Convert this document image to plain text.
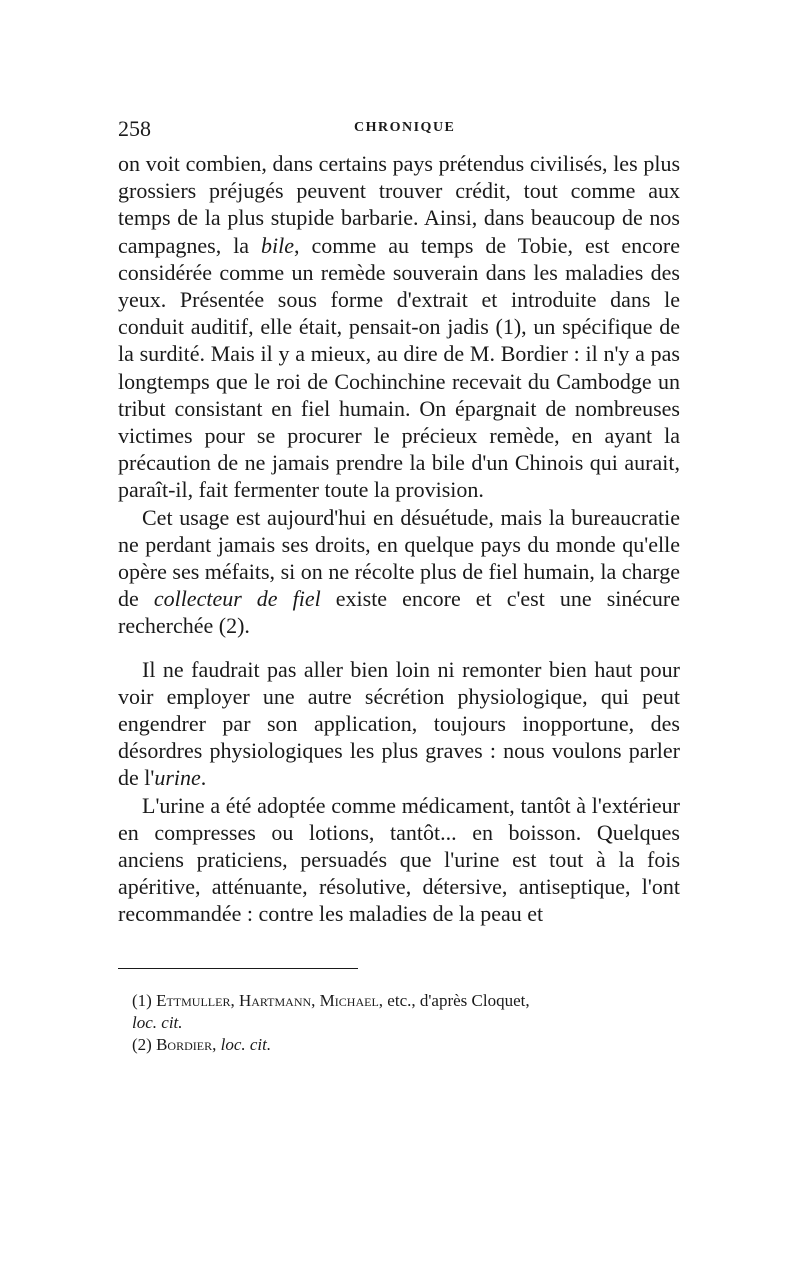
258	CHRONIQUE

on voit combien, dans certains pays prétendus civilisés, les plus grossiers préjugés peuvent trouver crédit, tout comme aux temps de la plus stupide barbarie. Ainsi, dans beaucoup de nos campagnes, la bile, comme au temps de Tobie, est encore considérée comme un remède souverain dans les maladies des yeux. Présentée sous forme d'extrait et introduite dans le conduit auditif, elle était, pensait-on jadis (1), un spécifique de la surdité. Mais il y a mieux, au dire de M. Bordier : il n'y a pas longtemps que le roi de Cochinchine recevait du Cambodge un tribut consistant en fiel humain. On épargnait de nombreuses victimes pour se procurer le précieux remède, en ayant la précaution de ne jamais prendre la bile d'un Chinois qui aurait, paraît-il, fait fermenter toute la provision.

Cet usage est aujourd'hui en désuétude, mais la bureaucratie ne perdant jamais ses droits, en quelque pays du monde qu'elle opère ses méfaits, si on ne récolte plus de fiel humain, la charge de collecteur de fiel existe encore et c'est une sinécure recherchée (2).

Il ne faudrait pas aller bien loin ni remonter bien haut pour voir employer une autre sécrétion physiologique, qui peut engendrer par son application, toujours inopportune, des désordres physiologiques les plus graves : nous voulons parler de l'urine.

L'urine a été adoptée comme médicament, tantôt à l'extérieur en compresses ou lotions, tantôt... en boisson. Quelques anciens praticiens, persuadés que l'urine est tout à la fois apéritive, atténuante, résolutive, détersive, antiseptique, l'ont recommandée : contre les maladies de la peau et

(1) Ettmuller, Hartmann, Michael, etc., d'après Cloquet,
loc. cit.

(2) Bordier, loc. cit.
